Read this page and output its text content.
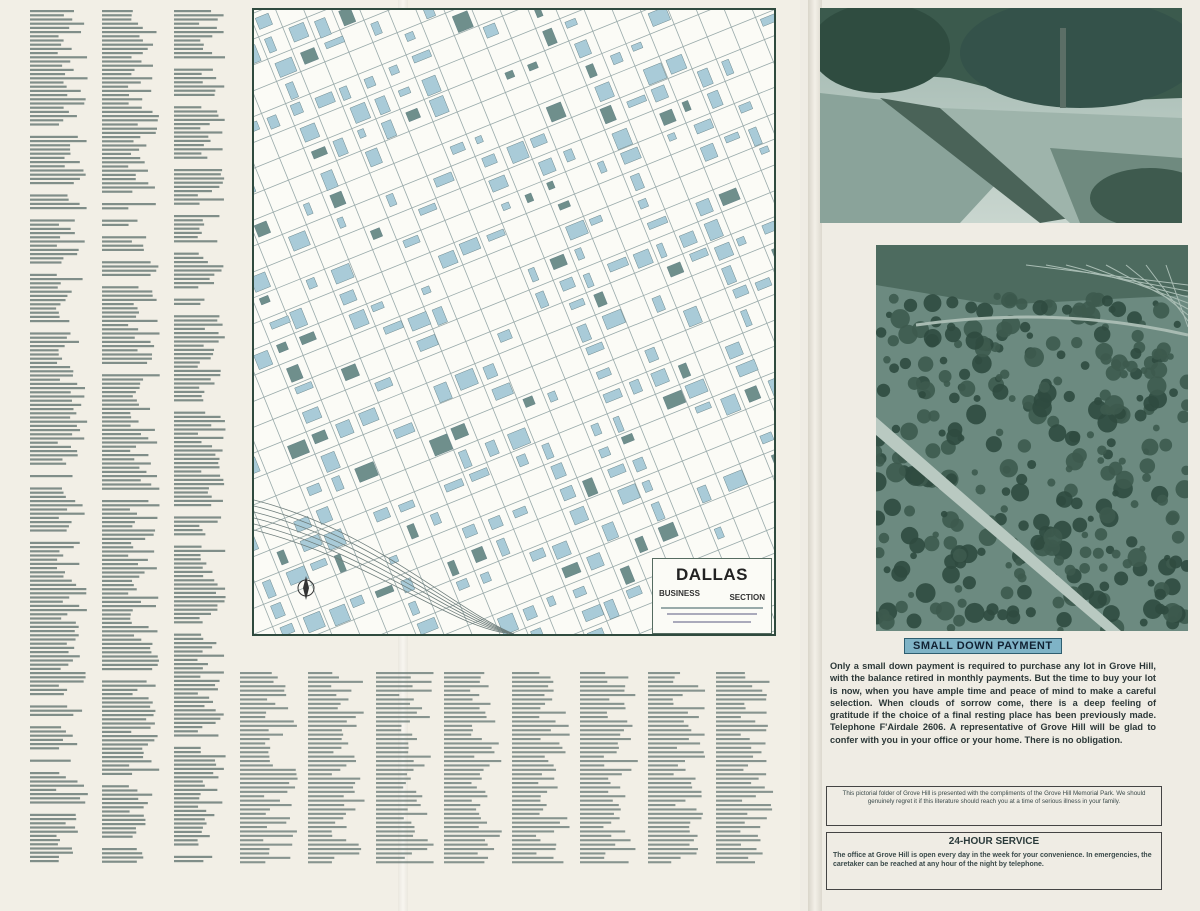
DALLAS
BUSINESS	SECTION
SMALL DOWN PAYMENT
Only a small down payment is required to purchase any lot in Grove Hill, with the balance retired in monthly payments. But the time to buy your lot is now, when you have ample time and peace of mind to make a careful selection. When clouds of sorrow come, there is a deep feeling of gratitude if the choice of a final resting place has been previously made. Telephone F'Airdale 2606. A representative of Grove Hill will be glad to confer with you in your office or your home. There is no obligation.
This pictorial folder of Grove Hill is presented with the compliments of the Grove Hill Memorial Park. We should genuinely regret it if this literature should reach you at a time of serious illness in your family.
24-HOUR SERVICE
The office at Grove Hill is open every day in the week for your convenience. In emergencies, the caretaker can be reached at any hour of the night by telephone.
